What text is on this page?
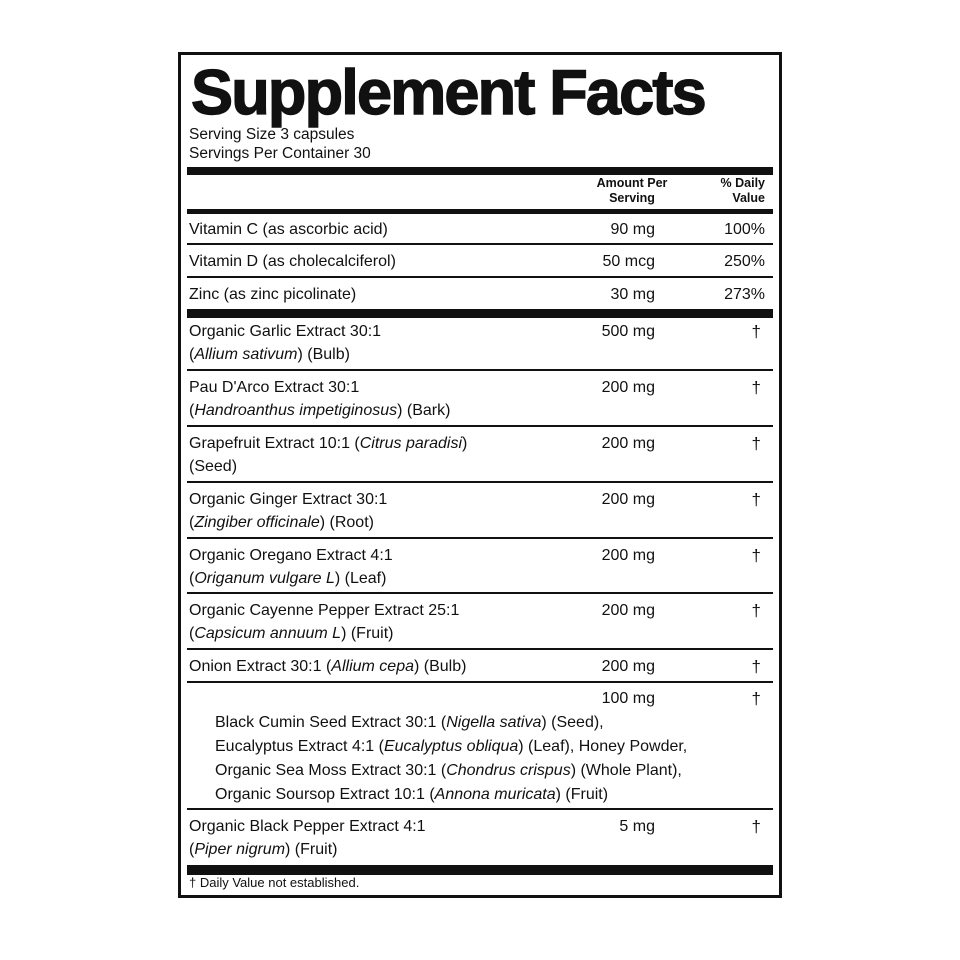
Supplement Facts
Serving Size 3 capsules
Servings Per Container 30
Amount Per
Serving
% Daily
Value
Vitamin C (as ascorbic acid)	90 mg	100%
Vitamin D (as cholecalciferol)	50 mcg	250%
Zinc (as zinc picolinate)	30 mg	273%
Organic Garlic Extract 30:1
(Allium sativum) (Bulb)
500 mg	†
Pau D'Arco Extract 30:1
(Handroanthus impetiginosus) (Bark)
200 mg	†
Grapefruit Extract 10:1 (Citrus paradisi)
(Seed)
200 mg	†
Organic Ginger Extract 30:1
(Zingiber officinale) (Root)
200 mg	†
Organic Oregano Extract 4:1
(Origanum vulgare L) (Leaf)
200 mg	†
Organic Cayenne Pepper Extract 25:1
(Capsicum annuum L) (Fruit)
200 mg	†
Onion Extract 30:1 (Allium cepa) (Bulb)	200 mg	†
100 mg	†
Black Cumin Seed Extract 30:1 (Nigella sativa) (Seed),
Eucalyptus Extract 4:1 (Eucalyptus obliqua) (Leaf), Honey Powder,
Organic Sea Moss Extract 30:1 (Chondrus crispus) (Whole Plant),
Organic Soursop Extract 10:1 (Annona muricata) (Fruit)
Organic Black Pepper Extract 4:1
(Piper nigrum) (Fruit)
5 mg	†
† Daily Value not established.
